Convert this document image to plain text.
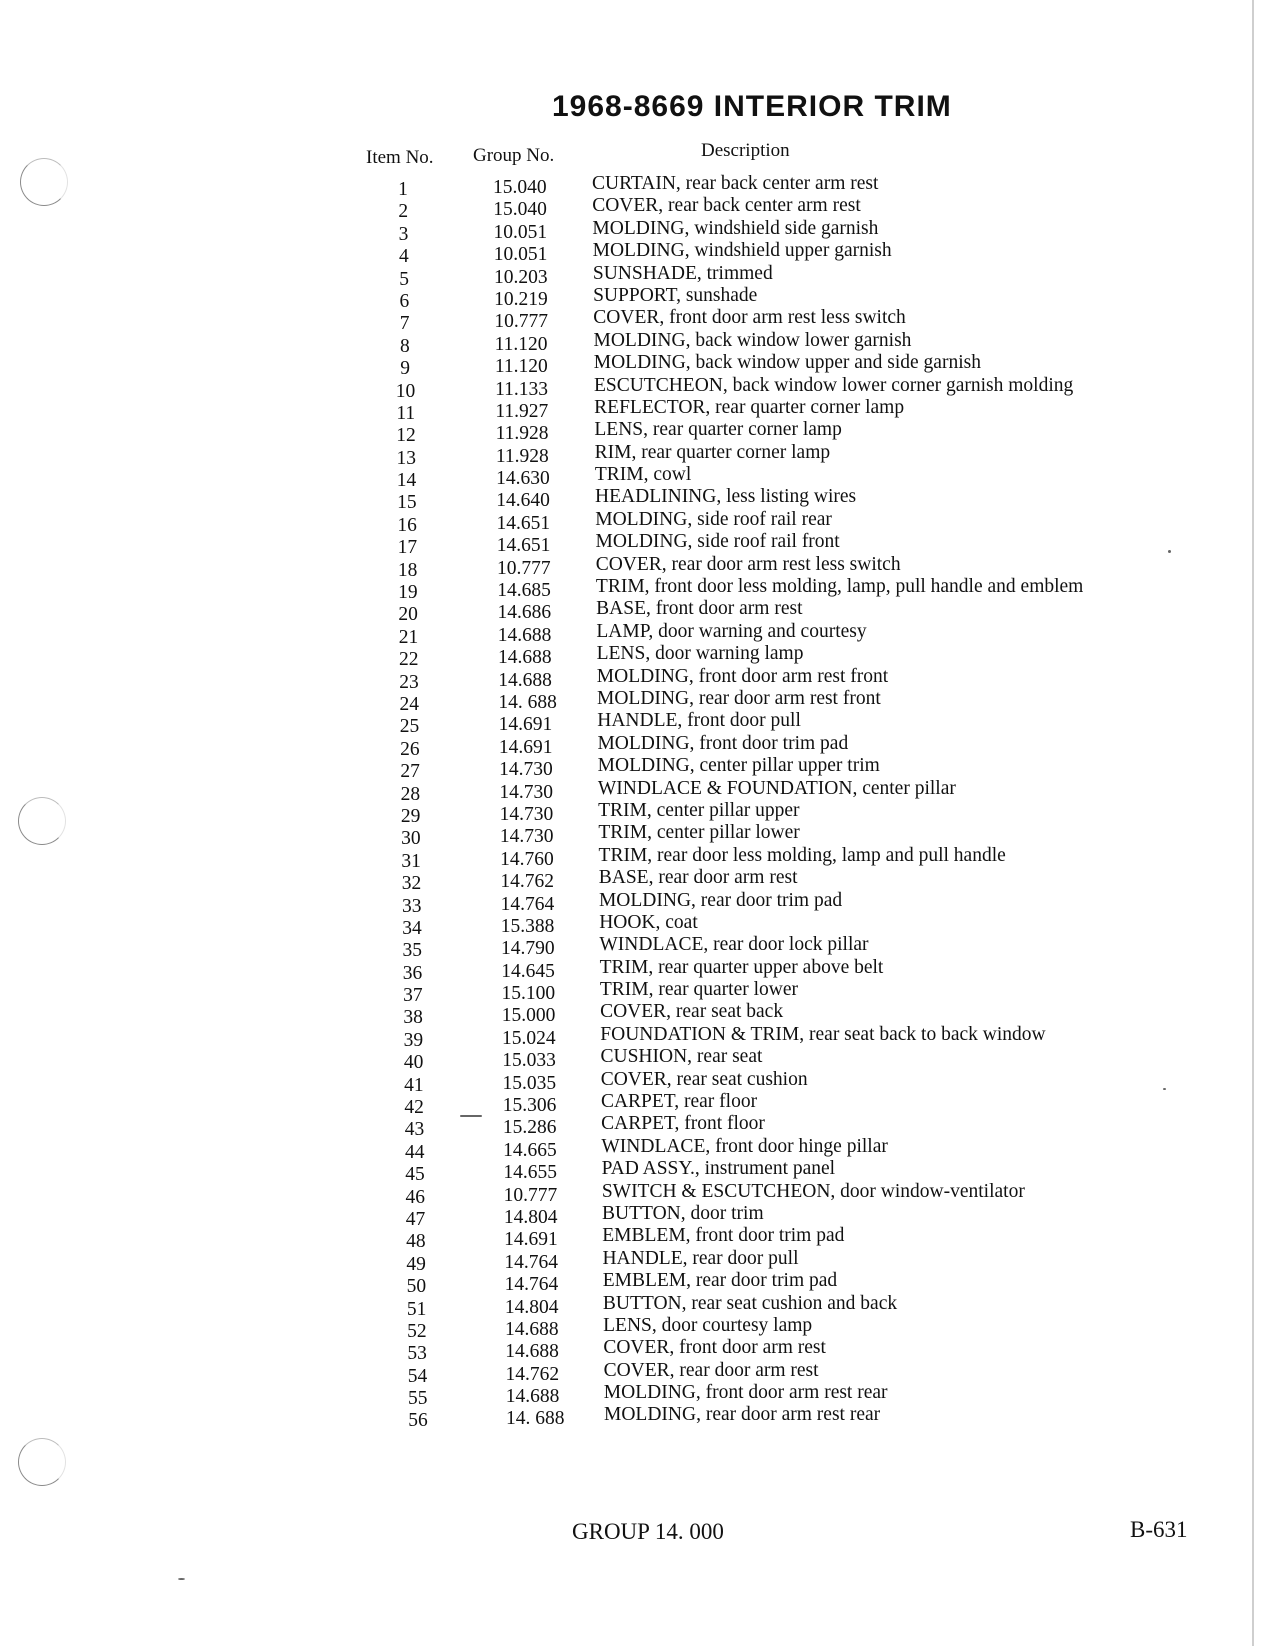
1968-8669 INTERIOR TRIM
Item No. Group No.	Description
1	15.040 CURTAIN, rear back center arm rest
2	15.040 COVER, rear back center arm rest
3	10.051 MOLDING, windshield side garnish
4	10.051 MOLDING, windshield upper garnish
5	10.203 SUNSHADE, trimmed
6	10.219 SUPPORT, sunshade
7	10.777 COVER, front door arm rest less switch
8	11.120 MOLDING, back window lower garnish
9	11.120 MOLDING, back window upper and side garnish
10	11.133 ESCUTCHEON, back window lower corner garnish molding
11	11.927 REFLECTOR, rear quarter corner lamp
12	11.928 LENS, rear quarter corner lamp
13	11.928 RIM, rear quarter corner lamp
14	14.630 TRIM, cowl
15	14.640 HEADLINING, less listing wires
16	14.651 MOLDING, side roof rail rear
17	14.651 MOLDING, side roof rail front
18	10.777 COVER, rear door arm rest less switch
19	14.685 TRIM, front door less molding, lamp, pull handle and emblem
20	14.686 BASE, front door arm rest
21	14.688 LAMP, door warning and courtesy
22	14.688 LENS, door warning lamp
23	14.688 MOLDING, front door arm rest front
24	14. 688 MOLDING, rear door arm rest front
25	14.691 HANDLE, front door pull
26	14.691 MOLDING, front door trim pad
27	14.730 MOLDING, center pillar upper trim
28	14.730 WINDLACE & FOUNDATION, center pillar
29	14.730 TRIM, center pillar upper
30	14.730 TRIM, center pillar lower
31	14.760 TRIM, rear door less molding, lamp and pull handle
32	14.762 BASE, rear door arm rest
33	14.764 MOLDING, rear door trim pad
34	15.388 HOOK, coat
35	14.790 WINDLACE, rear door lock pillar
36	14.645 TRIM, rear quarter upper above belt
37	15.100 TRIM, rear quarter lower
38	15.000 COVER, rear seat back
39	15.024 FOUNDATION & TRIM, rear seat back to back window
40	15.033 CUSHION, rear seat
41	15.035 COVER, rear seat cushion
42	15.306 CARPET, rear floor
43	15.286 CARPET, front floor
44	14.665 WINDLACE, front door hinge pillar
45	14.655 PAD ASSY., instrument panel
46	10.777 SWITCH & ESCUTCHEON, door window-ventilator
47	14.804 BUTTON, door trim
48	14.691 EMBLEM, front door trim pad
49	14.764 HANDLE, rear door pull
50	14.764 EMBLEM, rear door trim pad
51	14.804 BUTTON, rear seat cushion and back
52	14.688 LENS, door courtesy lamp
53	14.688 COVER, front door arm rest
54	14.762 COVER, rear door arm rest
55	14.688 MOLDING, front door arm rest rear
56	14. 688 MOLDING, rear door arm rest rear
GROUP 14. 000	B-631
